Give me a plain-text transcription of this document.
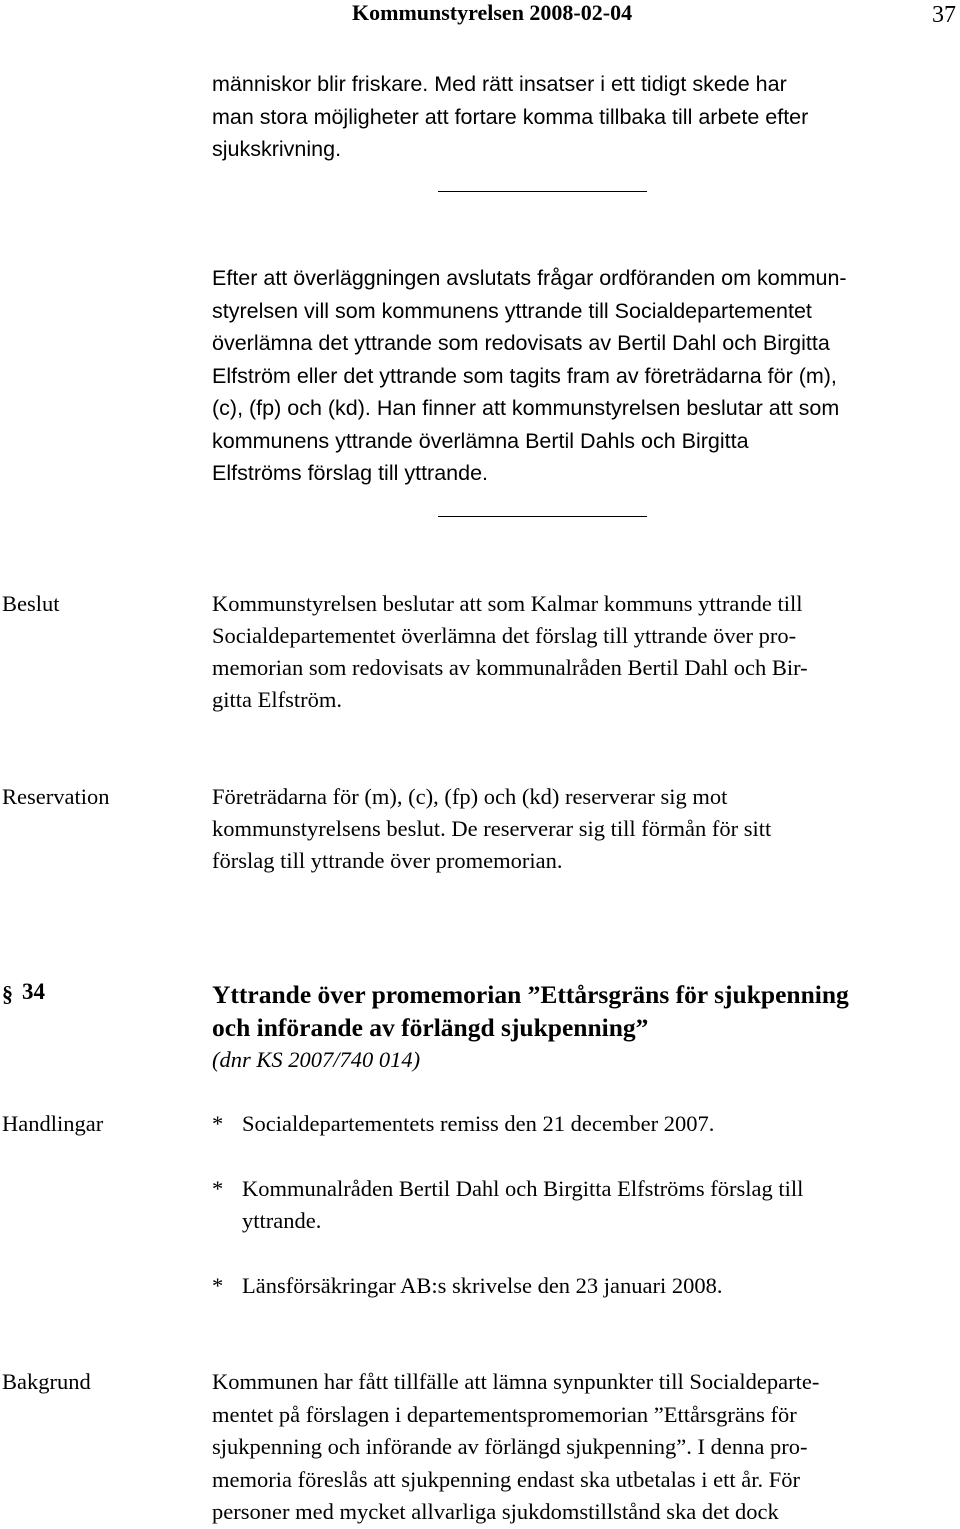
Kommunstyrelsen 2008-02-04	37
människor blir friskare. Med rätt insatser i ett tidigt skede har
man stora möjligheter att fortare komma tillbaka till arbete efter
sjukskrivning.
Efter att överläggningen avslutats frågar ordföranden om kommun-
styrelsen vill som kommunens yttrande till Socialdepartementet
överlämna det yttrande som redovisats av Bertil Dahl och Birgitta
Elfström eller det yttrande som tagits fram av företrädarna för (m),
(c), (fp) och (kd). Han finner att kommunstyrelsen beslutar att som
kommunens yttrande överlämna Bertil Dahls och Birgitta
Elfströms förslag till yttrande.
Beslut	Kommunstyrelsen beslutar att som Kalmar kommuns yttrande till
Socialdepartementet överlämna det förslag till yttrande över pro-
memorian som redovisats av kommunalråden Bertil Dahl och Bir-
gitta Elfström.
Reservation	Företrädarna för (m), (c), (fp) och (kd) reserverar sig mot
kommunstyrelsens beslut. De reserverar sig till förmån för sitt
förslag till yttrande över promemorian.
§ 34	Yttrande över promemorian ”Ettårsgräns för sjukpenning
och införande av förlängd sjukpenning”
(dnr KS 2007/740 014)
Handlingar	* Socialdepartementets remiss den 21 december 2007.
* Kommunalråden Bertil Dahl och Birgitta Elfströms förslag till
yttrande.
* Länsförsäkringar AB:s skrivelse den 23 januari 2008.
Bakgrund	Kommunen har fått tillfälle att lämna synpunkter till Socialdeparte-
mentet på förslagen i departementspromemorian ”Ettårsgräns för
sjukpenning och införande av förlängd sjukpenning”. I denna pro-
memoria föreslås att sjukpenning endast ska utbetalas i ett år. För
personer med mycket allvarliga sjukdomstillstånd ska det dock
